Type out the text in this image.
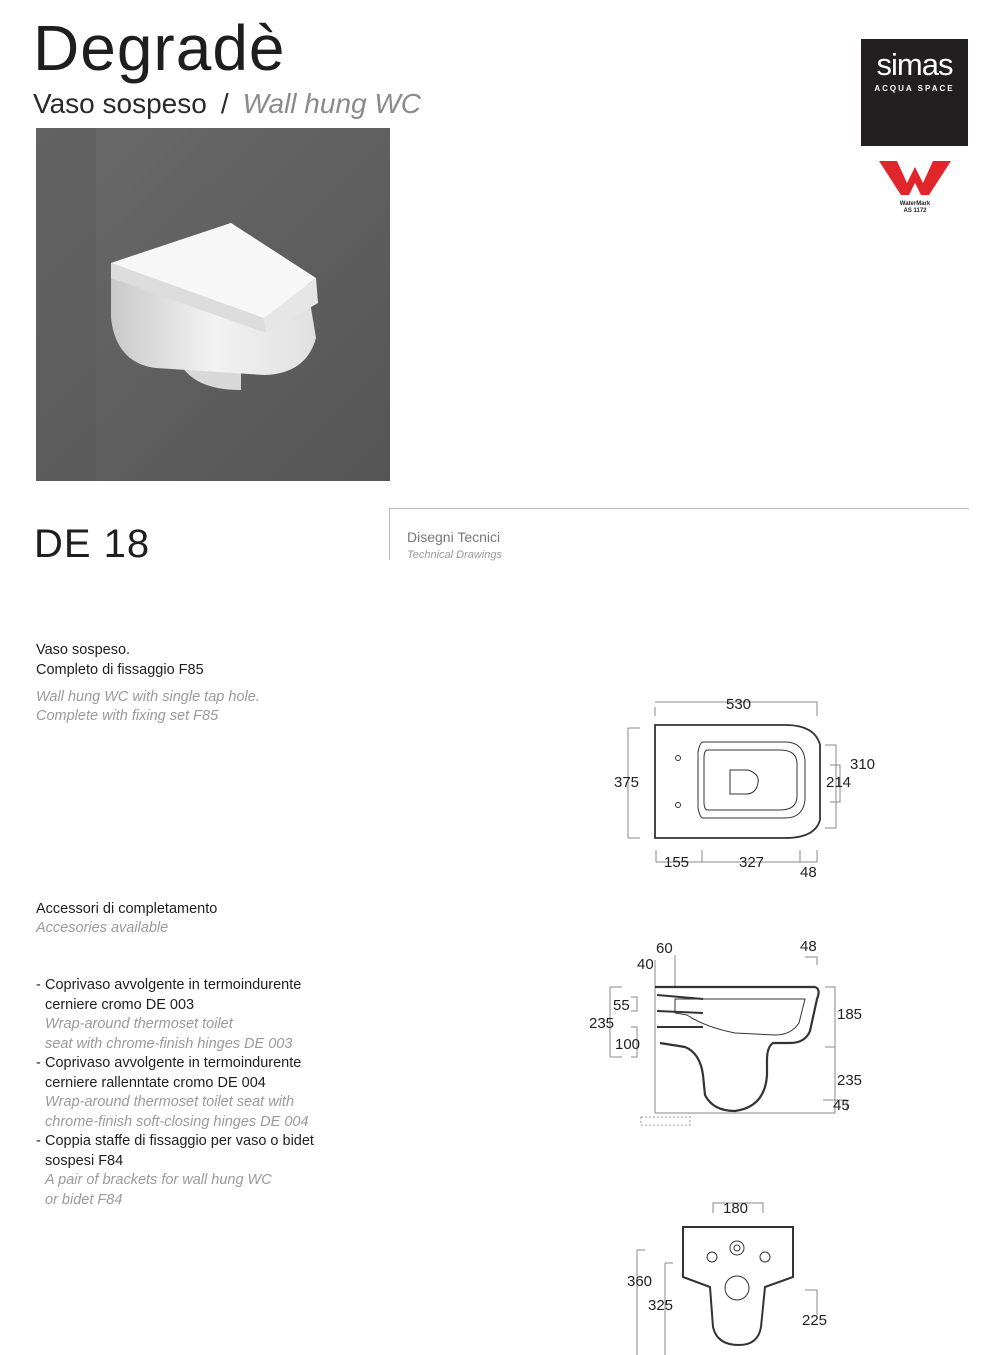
Degradè
Vaso sospeso / Wall hung WC
simas
ACQUA SPACE
WaterMark
AS 1172
DE 18	Disegni Tecnici
Technical Drawings
Vaso sospeso.
Completo di fissaggio F85
Wall hung WC with single tap hole.
Complete with fixing set F85
Accessori di completamento
Accesories available
- Coprivaso avvolgente in termoindurente
cerniere cromo DE 003
Wrap-around thermoset toilet
seat with chrome-finish hinges DE 003
- Coprivaso avvolgente in termoindurente
cerniere rallenntate cromo DE 004
Wrap-around thermoset toilet seat with
chrome-finish soft-closing hinges DE 004
- Coppia staffe di fissaggio per vaso o bidet
sospesi F84
A pair of brackets for wall hung WC
or bidet F84
530
375
310
214
155	327
48
60
40
48
55
235
100
185
235
45
180
360
325
225
